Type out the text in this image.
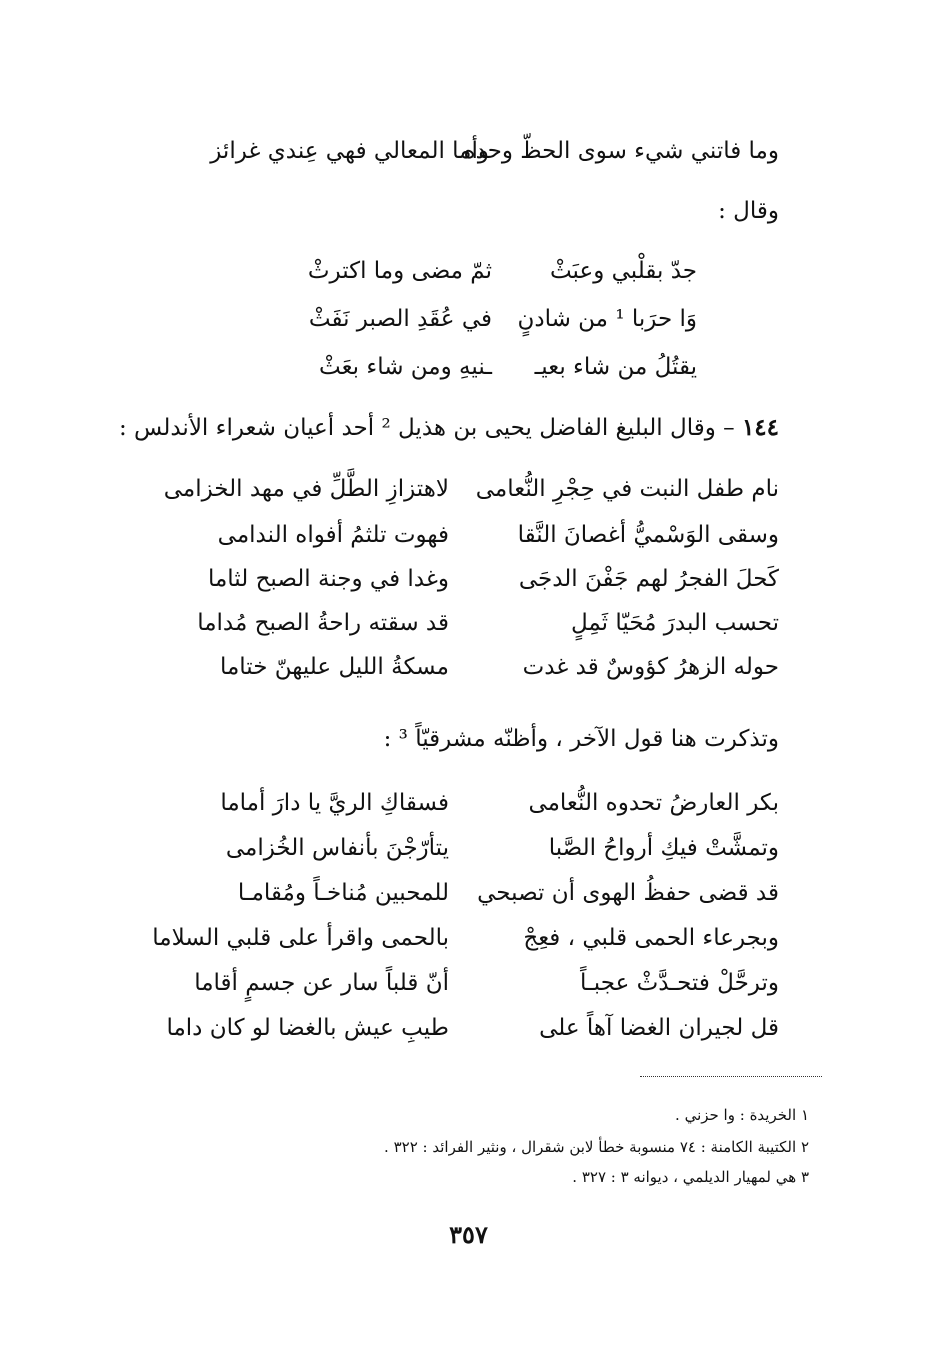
وما فاتني شيء سوى الحظّ وحده
وأما المعالي فهي عِندي غرائز
وقال :
جدّ بقلْبي وعبَثْ
ثمّ مضى وما اكترثْ
وَا حرَبا ¹ من شادنٍ
في عُقَدِ الصبر نَفَثْ
يقتُلُ من شاء بعيـ
ـنيهِ ومن شاء بعَثْ
١٤٤ – وقال البليغ الفاضل يحيى بن هذيل ² أحد أعيان شعراء الأندلس :
نام طفل النبت في حِجْرِ النُّعامى
لاهتزازِ الطَّلِّ في مهد الخزامى
وسقى الوَسْميُّ أغصانَ النَّقا
فهوت تلثمُ أفواه الندامى
كَحلَ الفجرُ لهم جَفْنَ الدجَى
وغدا في وجنة الصبح لثاما
تحسب البدرَ مُحَيّا ثَمِلٍ
قد سقته راحةُ الصبح مُداما
حوله الزهرُ كؤوسٌ قد غدت
مسكةُ الليل عليهنّ ختاما
وتذكرت هنا قول الآخر ، وأظنّه مشرقيّاً ³ :
بكر العارضُ تحدوه النُّعامى
فسقاكِ الريَّ يا دارَ أماما
وتمشَّتْ فيكِ أرواحُ الصَّبا
يتأرّجْنَ بأنفاس الخُزامى
قد قضى حفظُ الهوى أن تصبحي
للمحبين مُناخـاً ومُقامـا
وبجرعاء الحمى قلبي ، فعِجْ
بالحمى واقرأ على قلبي السلاما
وترحَّلْ فتحـدَّثْ عجبـاً
أنّ قلباً سار عن جسمٍ أقاما
قل لجيران الغضا آهاً على
طيبِ عيش بالغضا لو كان داما
١ الخريدة : وا حزني .
٢ الكتيبة الكامنة : ٧٤ منسوبة خطأ لابن شقرال ، ونثير الفرائد : ٣٢٢ .
٣ هي لمهيار الديلمي ، ديوانه ٣ : ٣٢٧ .
٣٥٧
